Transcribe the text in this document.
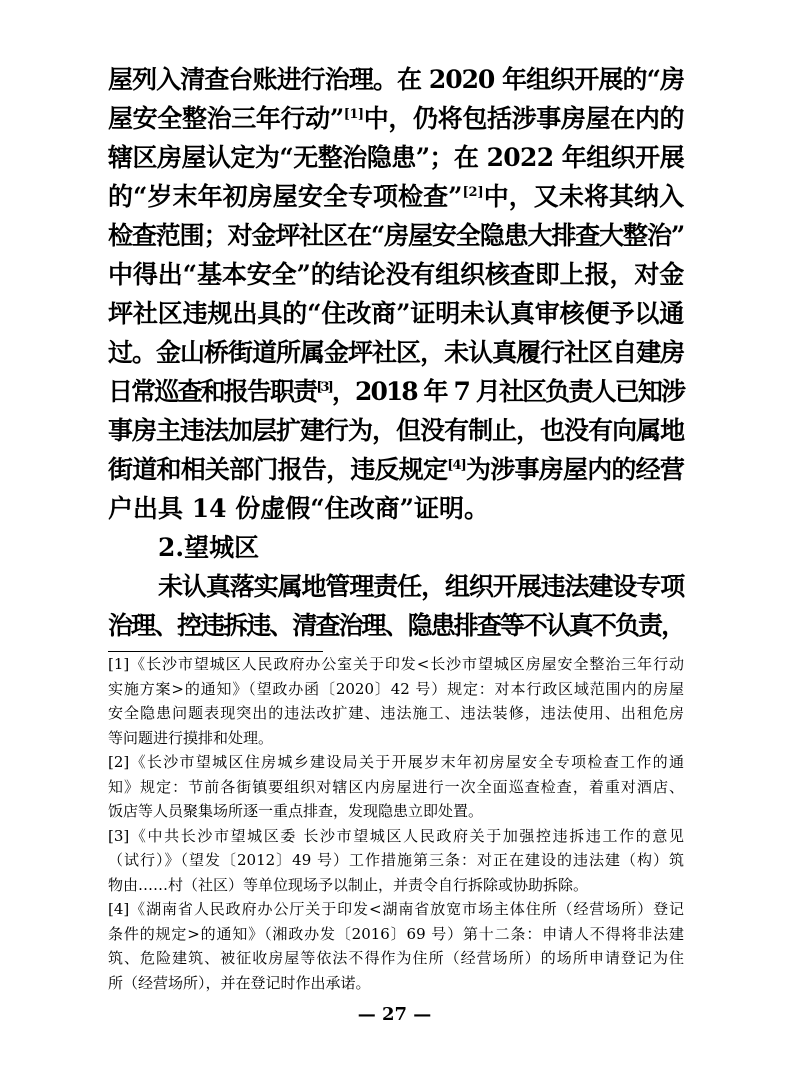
屋列入清查台账进行治理。在 2020 年组织开展的“房
屋安全整治三年行动”[1]中，仍将包括涉事房屋在内的
辖区房屋认定为“无整治隐患”；在 2022 年组织开展
的“岁末年初房屋安全专项检查”[2]中，又未将其纳入
检查范围；对金坪社区在“房屋安全隐患大排查大整治”
中得出“基本安全”的结论没有组织核查即上报，对金
坪社区违规出具的“住改商”证明未认真审核便予以通
过。金山桥街道所属金坪社区，未认真履行社区自建房
日常巡查和报告职责[3]，2018 年 7 月社区负责人已知涉
事房主违法加层扩建行为，但没有制止，也没有向属地
街道和相关部门报告，违反规定[4]为涉事房屋内的经营
户出具 14 份虚假“住改商”证明。
2.望城区
未认真落实属地管理责任，组织开展违法建设专项
治理、控违拆违、清查治理、隐患排查等不认真不负责，
[1]《长沙市望城区人民政府办公室关于印发<长沙市望城区房屋安全整治三年行动
实施方案>的通知》（望政办函〔2020〕42 号）规定：对本行政区域范围内的房屋
安全隐患问题表现突出的违法改扩建、违法施工、违法装修，违法使用、出租危房
等问题进行摸排和处理。
[2]《长沙市望城区住房城乡建设局关于开展岁末年初房屋安全专项检查工作的通
知》规定：节前各街镇要组织对辖区内房屋进行一次全面巡查检查，着重对酒店、
饭店等人员聚集场所逐一重点排查，发现隐患立即处置。
[3]《中共长沙市望城区委 长沙市望城区人民政府关于加强控违拆违工作的意见
（试行）》（望发〔2012〕49 号）工作措施第三条：对正在建设的违法建（构）筑
物由……村（社区）等单位现场予以制止，并责令自行拆除或协助拆除。
[4]《湖南省人民政府办公厅关于印发<湖南省放宽市场主体住所（经营场所）登记
条件的规定>的通知》（湘政办发〔2016〕69 号）第十二条：申请人不得将非法建
筑、危险建筑、被征收房屋等依法不得作为住所（经营场所）的场所申请登记为住
所（经营场所），并在登记时作出承诺。
— 27 —
